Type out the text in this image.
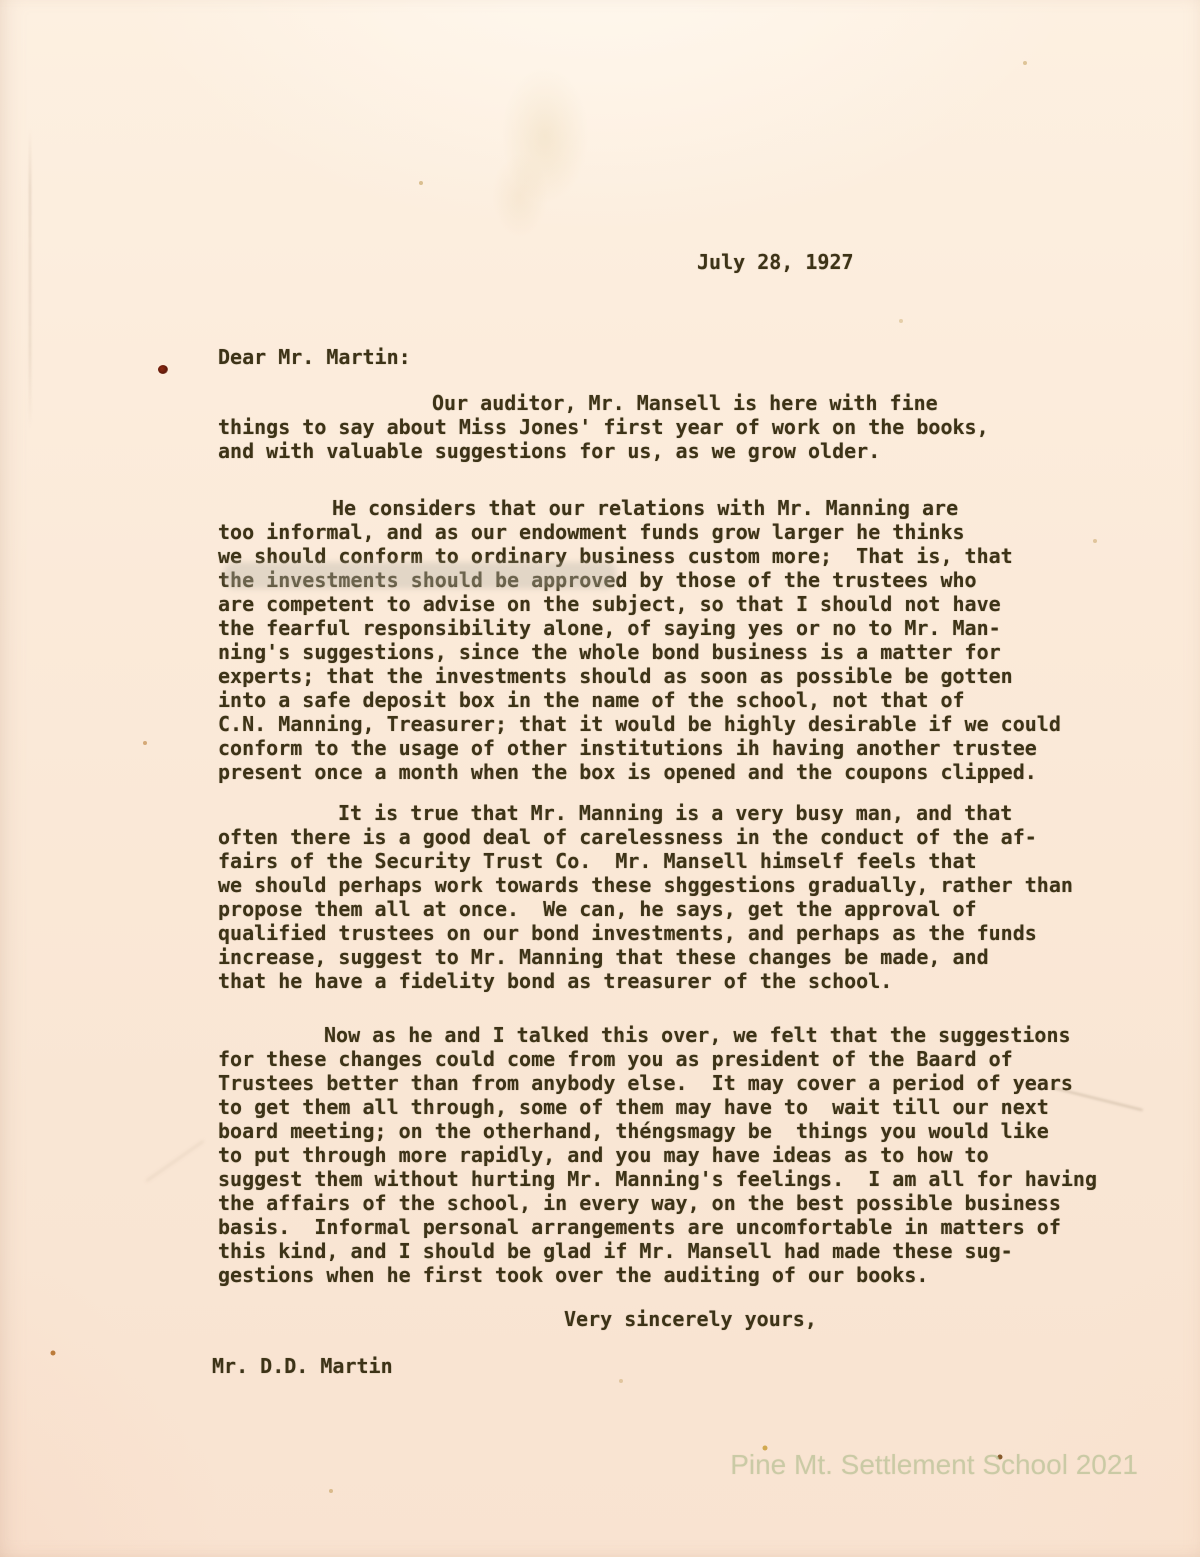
July 28, 1927
Dear Mr. Martin:
Our auditor, Mr. Mansell is here with fine
things to say about Miss Jones' first year of work on the books,
and with valuable suggestions for us, as we grow older.
He considers that our relations with Mr. Manning are
too informal, and as our endowment funds grow larger he thinks
we should conform to ordinary business custom more;  That is, that
the investments should be approved by those of the trustees who
are competent to advise on the subject, so that I should not have
the fearful responsibility alone, of saying yes or no to Mr. Man-
ning's suggestions, since the whole bond business is a matter for
experts; that the investments should as soon as possible be gotten
into a safe deposit box in the name of the school, not that of
C.N. Manning, Treasurer; that it would be highly desirable if we could
conform to the usage of other institutions ih having another trustee
present once a month when the box is opened and the coupons clipped.
It is true that Mr. Manning is a very busy man, and that
often there is a good deal of carelessness in the conduct of the af-
fairs of the Security Trust Co.  Mr. Mansell himself feels that
we should perhaps work towards these shggestions gradually, rather than
propose them all at once.  We can, he says, get the approval of
qualified trustees on our bond investments, and perhaps as the funds
increase, suggest to Mr. Manning that these changes be made, and
that he have a fidelity bond as treasurer of the school.
Now as he and I talked this over, we felt that the suggestions
for these changes could come from you as president of the Baard of
Trustees better than from anybody else.  It may cover a period of years
to get them all through, some of them may have to  wait till our next
board meeting; on the otherhand, théngsmagy be  things you would like
to put through more rapidly, and you may have ideas as to how to
suggest them without hurting Mr. Manning's feelings.  I am all for having
the affairs of the school, in every way, on the best possible business
basis.  Informal personal arrangements are uncomfortable in matters of
this kind, and I should be glad if Mr. Mansell had made these sug-
gestions when he first took over the auditing of our books.
Very sincerely yours,
Mr. D.D. Martin
Pine Mt. Settlement School 2021
